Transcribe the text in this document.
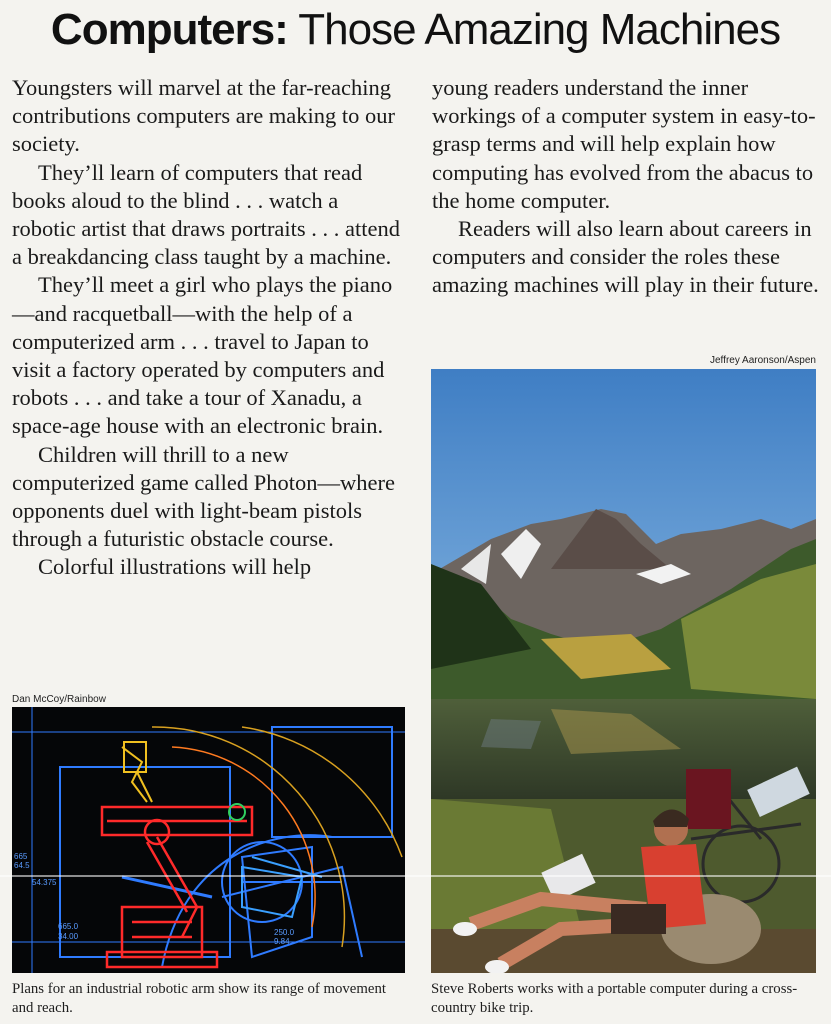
Computers: Those Amazing Machines

Youngsters will marvel at the far-reaching contributions computers are making to our society.

They’ll learn of computers that read books aloud to the blind . . . watch a robotic artist that draws portraits . . . attend a breakdancing class taught by a machine.

They’ll meet a girl who plays the piano—and racquetball—with the help of a computerized arm . . . travel to Japan to visit a factory operated by computers and robots . . . and take a tour of Xanadu, a space-age house with an electronic brain.

Children will thrill to a new computerized game called Photon—where opponents duel with light-beam pistols through a futuristic obstacle course.

Colorful illustrations will help

young readers understand the inner workings of a computer system in easy-to-grasp terms and will help explain how computing has evolved from the abacus to the home computer.

Readers will also learn about careers in computers and consider the roles these amazing machines will play in their future.

Dan McCoy/Rainbow
665
64.5
54.375
665.0
34.00	250.0
9.84
Plans for an industrial robotic arm show its range of movement and reach.
Jeffrey Aaronson/Aspen
Steve Roberts works with a portable computer during a cross-country bike trip.
